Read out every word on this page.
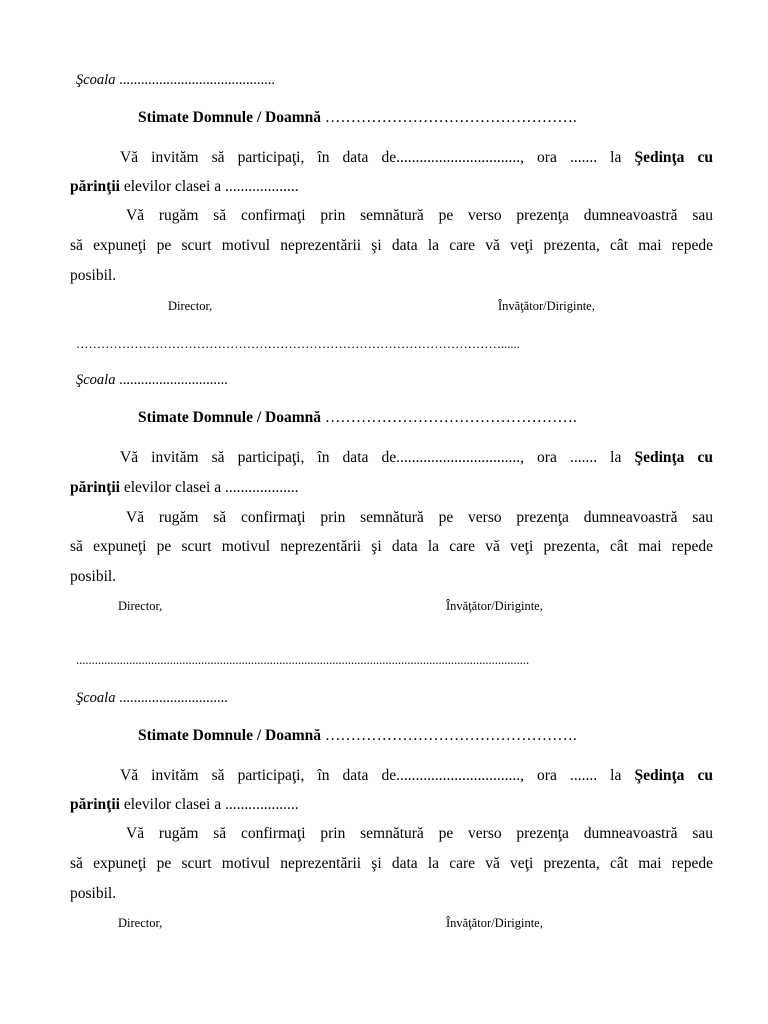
Şcoala ...........................................
Stimate Domnule / Doamnă ………………………………………….
Vă invităm să participaţi, în data de................................, ora ....... la Şedinţa cu
părinţii elevilor clasei a ...................
Vă rugăm să confirmaţi prin semnătură pe verso prezenţa dumneavoastră sau
să expuneţi pe scurt motivul neprezentării şi data la care vă veţi prezenta, cât mai repede
posibil.
Director,	Învăţător/Diriginte,
…………………………………………………………………………………………......
Şcoala ..............................
Stimate Domnule / Doamnă ………………………………………….
Vă invităm să participaţi, în data de................................, ora ....... la Şedinţa cu
părinţii elevilor clasei a ...................
Vă rugăm să confirmaţi prin semnătură pe verso prezenţa dumneavoastră sau
să expuneţi pe scurt motivul neprezentării şi data la care vă veţi prezenta, cât mai repede
posibil.
Director,	Învăţător/Diriginte,
.................................................................................................................................................
Şcoala ..............................
Stimate Domnule / Doamnă ………………………………………….
Vă invităm să participaţi, în data de................................, ora ....... la Şedinţa cu
părinţii elevilor clasei a ...................
Vă rugăm să confirmaţi prin semnătură pe verso prezenţa dumneavoastră sau
să expuneţi pe scurt motivul neprezentării şi data la care vă veţi prezenta, cât mai repede
posibil.
Director,	Învăţător/Diriginte,
